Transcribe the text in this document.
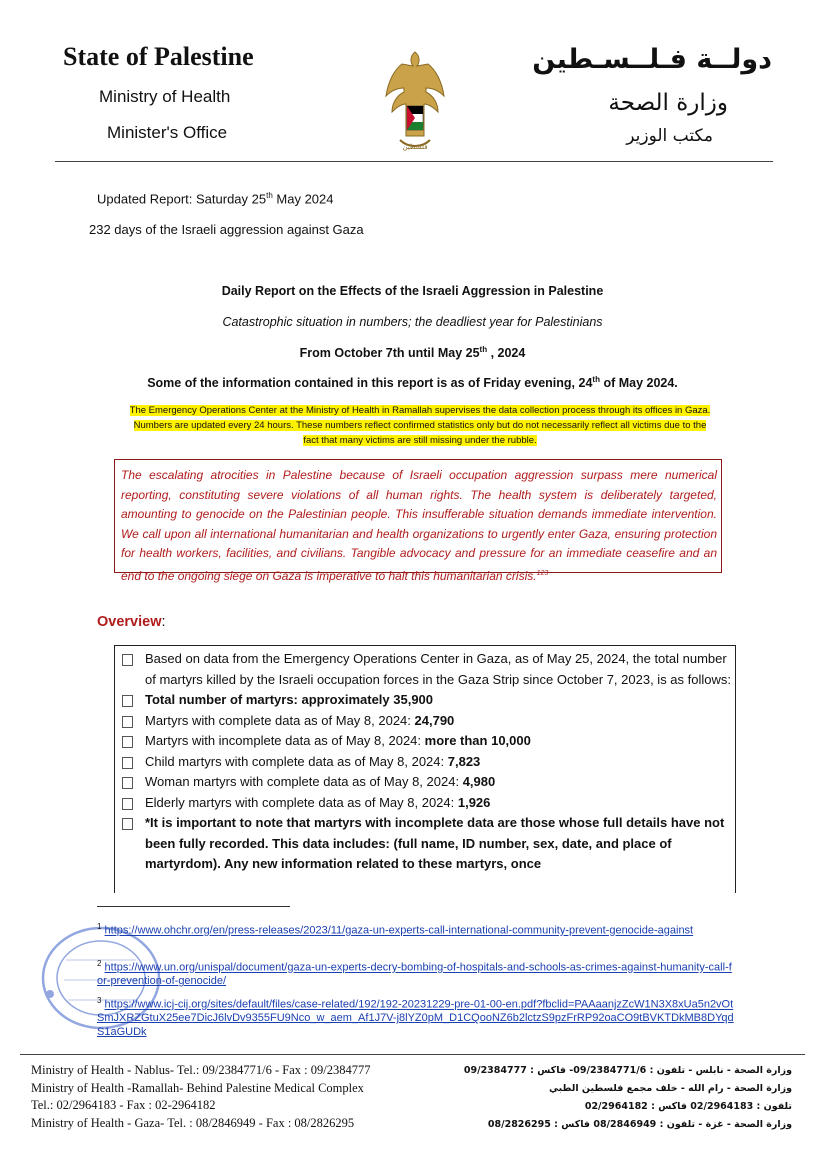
State of Palestine
Ministry of Health
Minister's Office
فلسطين
دولــة فـلــسـطين
وزارة الصحة
مكتب الوزير
Updated Report: Saturday 25th May 2024
232 days of the Israeli aggression against Gaza
Daily Report on the Effects of the Israeli Aggression in Palestine
Catastrophic situation in numbers; the deadliest year for Palestinians
From October 7th until May 25th , 2024
Some of the information contained in this report is as of Friday evening, 24th of May 2024.
The Emergency Operations Center at the Ministry of Health in Ramallah supervises the data collection process through its offices in Gaza.
Numbers are updated every 24 hours. These numbers reflect confirmed statistics only but do not necessarily reflect all victims due to the
fact that many victims are still missing under the rubble.

The escalating atrocities in Palestine because of Israeli occupation aggression surpass mere numerical reporting, constituting severe violations of all human rights. The health system is deliberately targeted, amounting to genocide on the Palestinian people. This insufferable situation demands immediate intervention. We call upon all international humanitarian and health organizations to urgently enter Gaza, ensuring protection for health workers, facilities, and civilians. Tangible advocacy and pressure for an immediate ceasefire and an end to the ongoing siege on Gaza is imperative to halt this humanitarian crisis.$^{123}$

Overview:
Based on data from the Emergency Operations Center in Gaza, as of May 25, 2024, the total number of martyrs killed by the Israeli occupation forces in the Gaza Strip since October 7, 2023, is as follows:
Total number of martyrs: approximately 35,900
Martyrs with complete data as of May 8, 2024: 24,790
Martyrs with incomplete data as of May 8, 2024: more than 10,000
Child martyrs with complete data as of May 8, 2024: 7,823
Woman martyrs with complete data as of May 8, 2024: 4,980
Elderly martyrs with complete data as of May 8, 2024: 1,926
*It is important to note that martyrs with incomplete data are those whose full details have not been fully recorded. This data includes: (full name, ID number, sex, date, and place of martyrdom). Any new information related to these martyrs, once
$^1$ https://www.ohchr.org/en/press-releases/2023/11/gaza-un-experts-call-international-community-prevent-genocide-against
$^2$ https://www.un.org/unispal/document/gaza-un-experts-decry-bombing-of-hospitals-and-schools-as-crimes-against-humanity-call-for-prevention-of-genocide/
$^3$ https://www.icj-cij.org/sites/default/files/case-related/192/192-20231229-pre-01-00-en.pdf?fbclid=PAAaanjzZcW1N3X8xUa5n2vOtSmJXRZGtuX25ee7DicJ6lvDv9355FU9Nco_w_aem_Af1J7V-j8lYZ0pM_D1CQooNZ6b2lctzS9pzFrRP92oaCO9tBVKTDkMB8DYqdS1aGUDk
Ministry of Health - Nablus- Tel.: 09/2384771/6 - Fax : 09/2384777
Ministry of Health -Ramallah- Behind Palestine Medical Complex
Tel.: 02/2964183 - Fax : 02-2964182
Ministry of Health - Gaza- Tel. : 08/2846949 - Fax : 08/2826295
وزارة الصحة - نابلس - تلفون : 09/2384771/6- فاكس : 09/2384777
وزارة الصحة - رام الله - خلف مجمع فلسطين الطبي
تلفون : 02/2964183 فاكس : 02/2964182
وزارة الصحة - غزة - تلفون : 08/2846949 فاكس : 08/2826295
